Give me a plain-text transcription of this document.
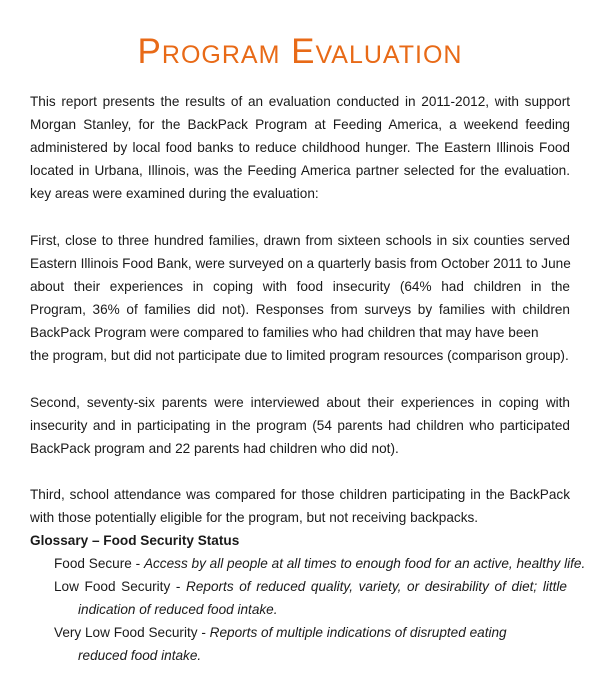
Program Evaluation
This report presents the results of an evaluation conducted in 2011-2012, with support
Morgan Stanley, for the BackPack Program at Feeding America, a weekend feeding
administered by local food banks to reduce childhood hunger. The Eastern Illinois Food
located in Urbana, Illinois, was the Feeding America partner selected for the evaluation.
key areas were examined during the evaluation:
First, close to three hundred families, drawn from sixteen schools in six counties served
Eastern Illinois Food Bank, were surveyed on a quarterly basis from October 2011 to June
about their experiences in coping with food insecurity (64% had children in the
Program, 36% of families did not). Responses from surveys by families with children
BackPack Program were compared to families who had children that may have been
the program, but did not participate due to limited program resources (comparison group).
Second, seventy-six parents were interviewed about their experiences in coping with
insecurity and in participating in the program (54 parents had children who participated
BackPack program and 22 parents had children who did not).
Third, school attendance was compared for those children participating in the BackPack
with those potentially eligible for the program, but not receiving backpacks.
Glossary – Food Security Status
Food Secure - Access by all people at all times to enough food for an active, healthy life.
Low Food Security - Reports of reduced quality, variety, or desirability of diet; little
indication of reduced food intake.
Very Low Food Security - Reports of multiple indications of disrupted eating
reduced food intake.
